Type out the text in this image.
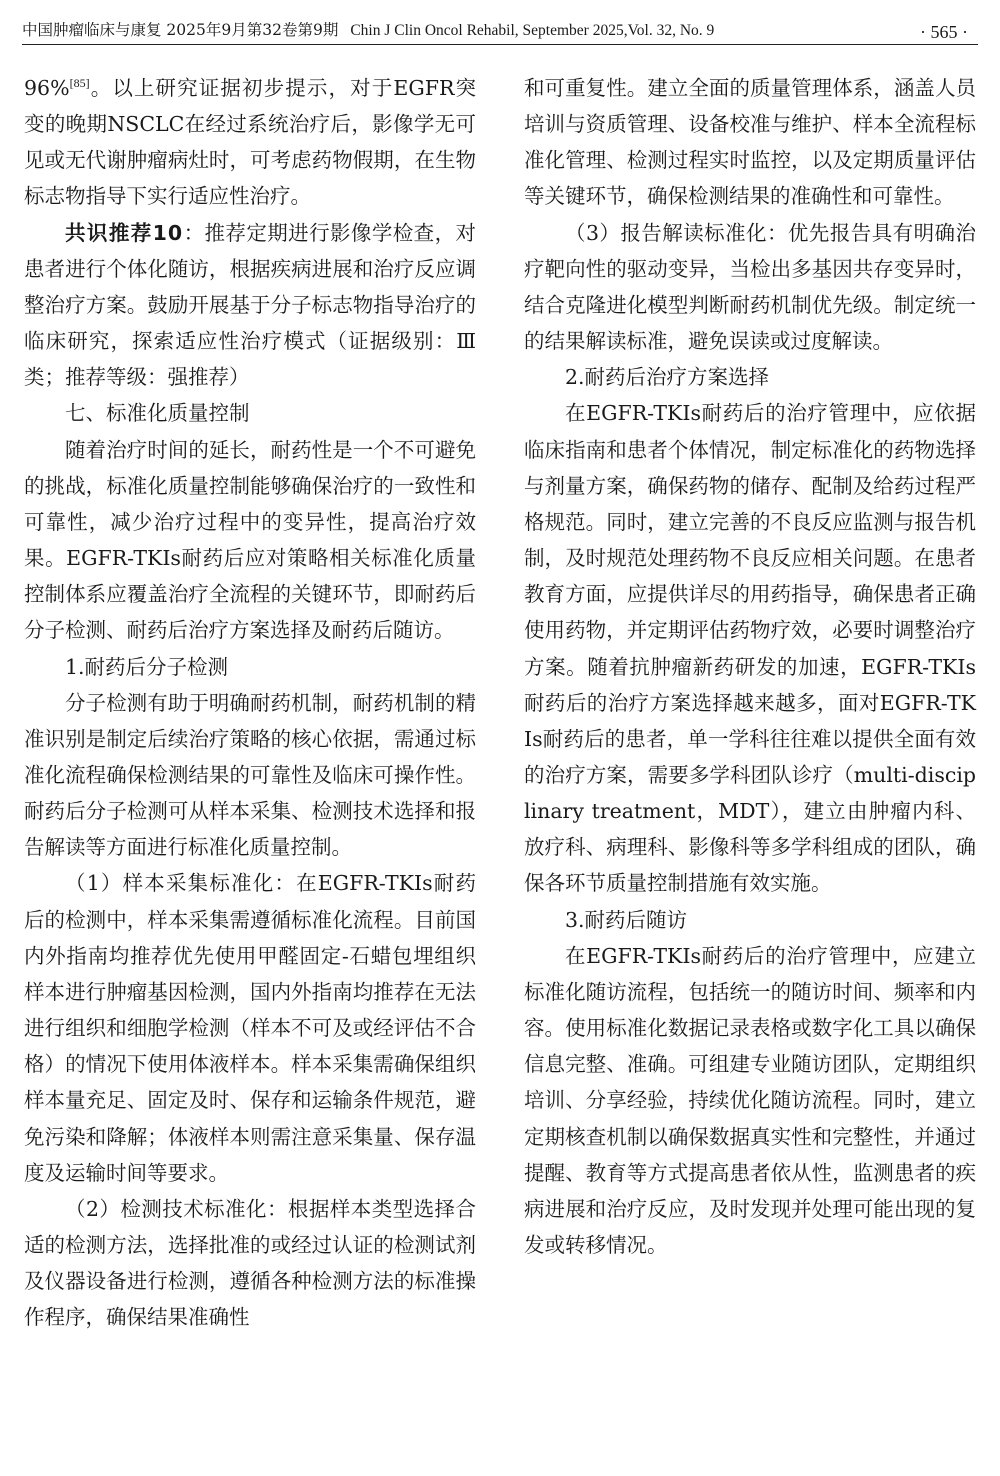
中国肿瘤临床与康复 2025年9月第32卷第9期 Chin J Clin Oncol Rehabil, September 2025,Vol. 32, No. 9	· 565 ·

96%[85]。以上研究证据初步提示，对于EGFR突变的晚期NSCLC在经过系统治疗后，影像学无可见或无代谢肿瘤病灶时，可考虑药物假期，在生物标志物指导下实行适应性治疗。

共识推荐10：推荐定期进行影像学检查，对患者进行个体化随访，根据疾病进展和治疗反应调整治疗方案。鼓励开展基于分子标志物指导治疗的临床研究，探索适应性治疗模式（证据级别：Ⅲ类；推荐等级：强推荐）

七、标准化质量控制

随着治疗时间的延长，耐药性是一个不可避免的挑战，标准化质量控制能够确保治疗的一致性和可靠性，减少治疗过程中的变异性，提高治疗效果。EGFR-TKIs耐药后应对策略相关标准化质量控制体系应覆盖治疗全流程的关键环节，即耐药后分子检测、耐药后治疗方案选择及耐药后随访。

1.耐药后分子检测

分子检测有助于明确耐药机制，耐药机制的精准识别是制定后续治疗策略的核心依据，需通过标准化流程确保检测结果的可靠性及临床可操作性。耐药后分子检测可从样本采集、检测技术选择和报告解读等方面进行标准化质量控制。

（1）样本采集标准化：在EGFR-TKIs耐药后的检测中，样本采集需遵循标准化流程。目前国内外指南均推荐优先使用甲醛固定-石蜡包埋组织样本进行肿瘤基因检测，国内外指南均推荐在无法进行组织和细胞学检测（样本不可及或经评估不合格）的情况下使用体液样本。样本采集需确保组织样本量充足、固定及时、保存和运输条件规范，避免污染和降解；体液样本则需注意采集量、保存温度及运输时间等要求。

（2）检测技术标准化：根据样本类型选择合适的检测方法，选择批准的或经过认证的检测试剂及仪器设备进行检测，遵循各种检测方法的标准操作程序，确保结果准确性

和可重复性。建立全面的质量管理体系，涵盖人员培训与资质管理、设备校准与维护、样本全流程标准化管理、检测过程实时监控，以及定期质量评估等关键环节，确保检测结果的准确性和可靠性。

（3）报告解读标准化：优先报告具有明确治疗靶向性的驱动变异，当检出多基因共存变异时，结合克隆进化模型判断耐药机制优先级。制定统一的结果解读标准，避免误读或过度解读。

2.耐药后治疗方案选择

在EGFR-TKIs耐药后的治疗管理中，应依据临床指南和患者个体情况，制定标准化的药物选择与剂量方案，确保药物的储存、配制及给药过程严格规范。同时，建立完善的不良反应监测与报告机制，及时规范处理药物不良反应相关问题。在患者教育方面，应提供详尽的用药指导，确保患者正确使用药物，并定期评估药物疗效，必要时调整治疗方案。随着抗肿瘤新药研发的加速，EGFR-TKIs耐药后的治疗方案选择越来越多，面对EGFR-TKIs耐药后的患者，单一学科往往难以提供全面有效的治疗方案，需要多学科团队诊疗（multi-disciplinary treatment，MDT），建立由肿瘤内科、放疗科、病理科、影像科等多学科组成的团队，确保各环节质量控制措施有效实施。

3.耐药后随访

在EGFR-TKIs耐药后的治疗管理中，应建立标准化随访流程，包括统一的随访时间、频率和内容。使用标准化数据记录表格或数字化工具以确保信息完整、准确。可组建专业随访团队，定期组织培训、分享经验，持续优化随访流程。同时，建立定期核查机制以确保数据真实性和完整性，并通过提醒、教育等方式提高患者依从性，监测患者的疾病进展和治疗反应，及时发现并处理可能出现的复发或转移情况。
